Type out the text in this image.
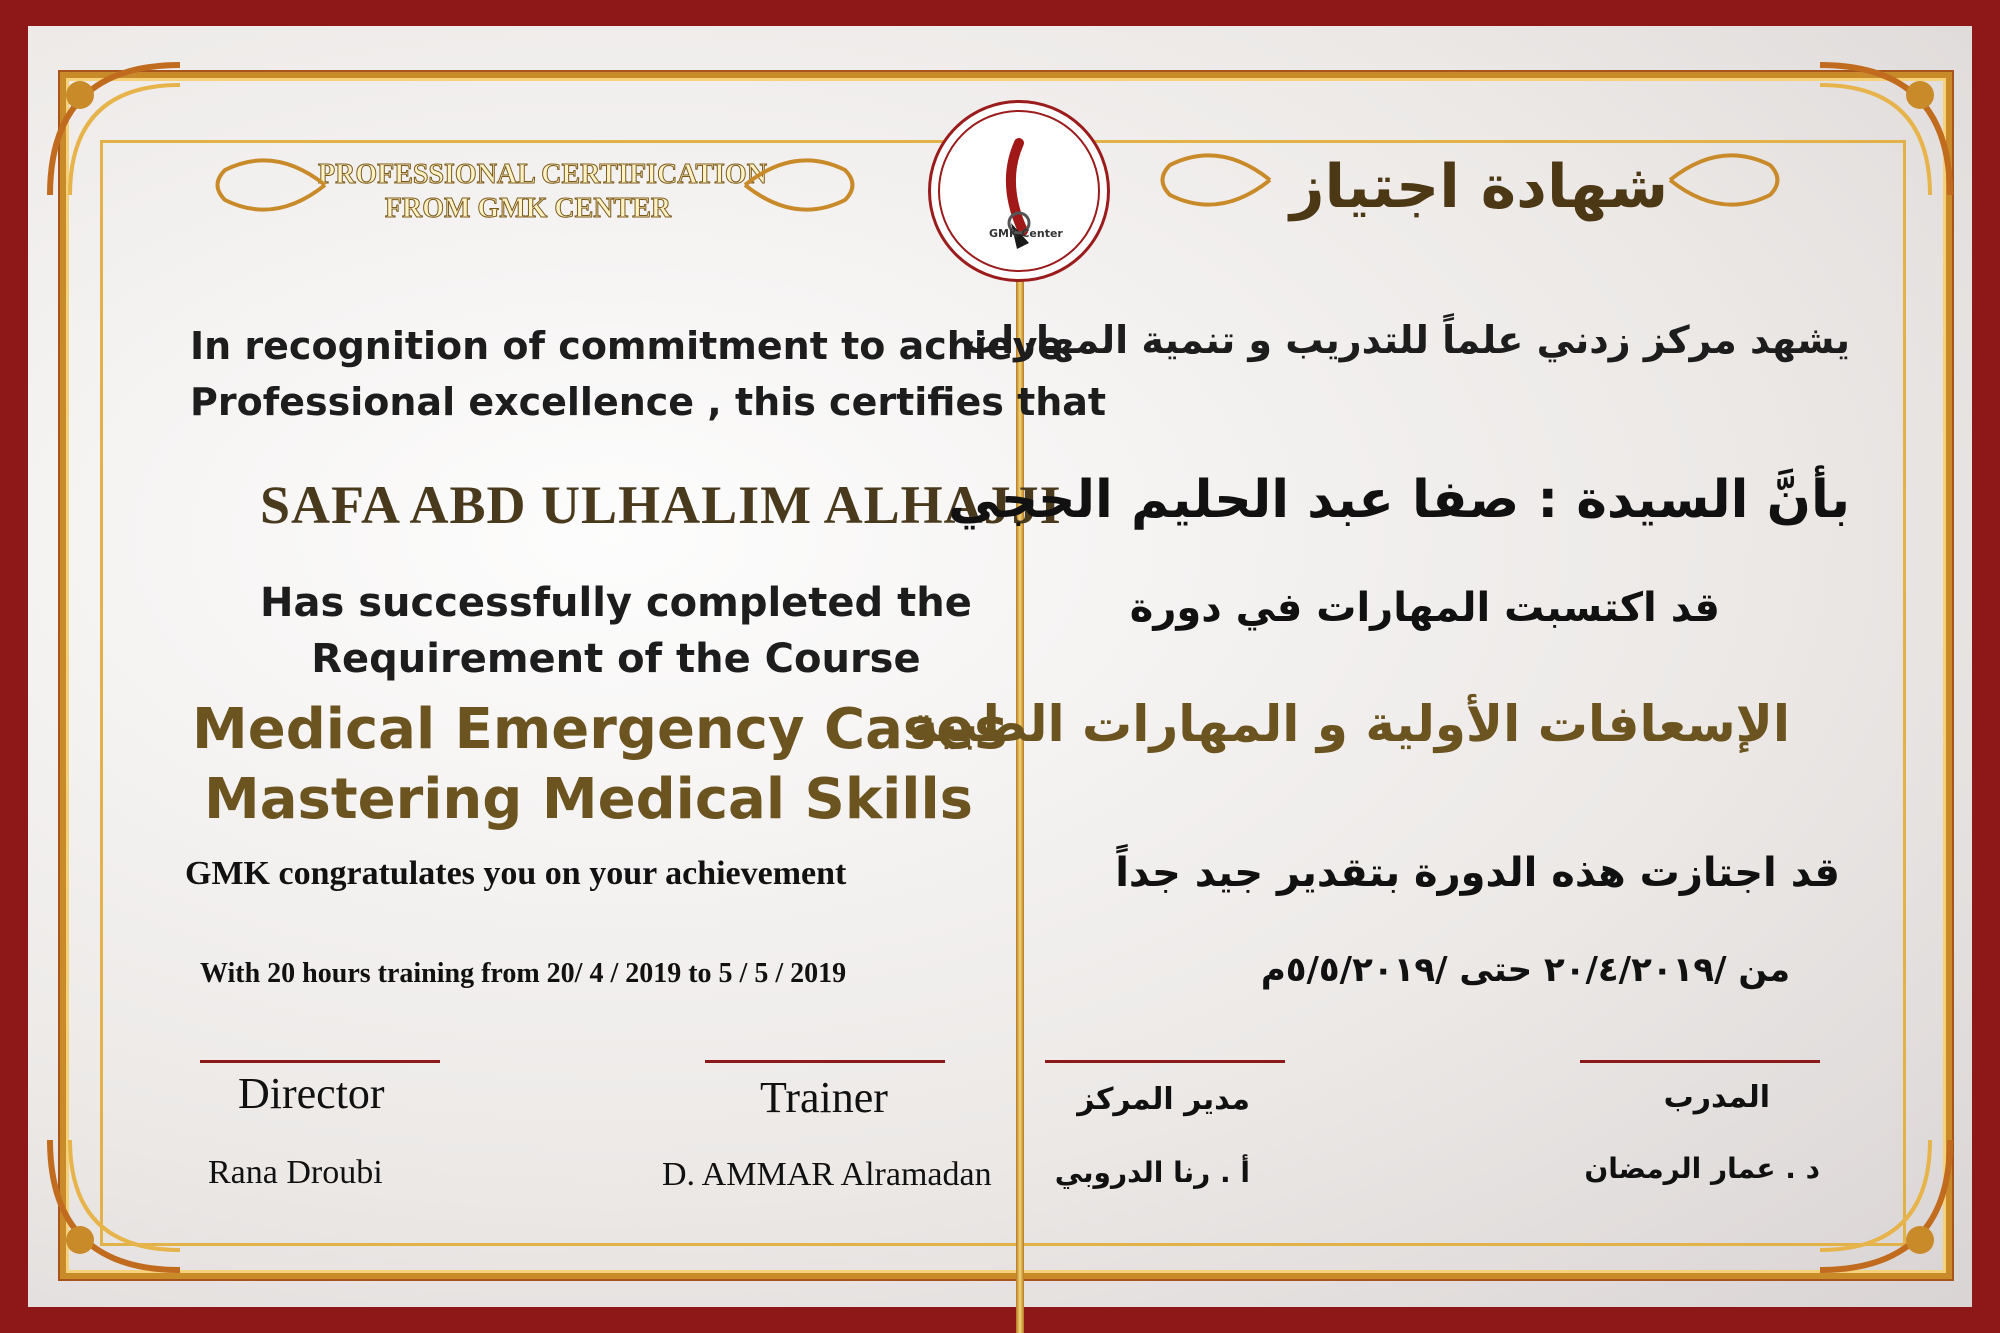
GMK Center
PROFESSIONAL CERTIFICATION
FROM GMK CENTER
In recognition of commitment to achieve
Professional excellence , this certifies that
SAFA ABD ULHALIM ALHAJJI
Has successfully completed the
Requirement of the Course
Medical Emergency Cases
Mastering Medical Skills
GMK congratulates you on your achievement
With 20 hours training from 20/ 4 / 2019 to 5 / 5 / 2019
Director
Rana Droubi
Trainer
D. AMMAR Alramadan
شهادة اجتياز
يشهد مركز زدني علماً للتدريب و تنمية المهارات
بأنَّ السيدة : صفا عبد الحليم الحجي
قد اكتسبت المهارات في دورة
الإسعافات الأولية و المهارات الطبية
قد اجتازت هذه الدورة بتقدير جيد جداً
من /٢٠/٤/٢٠١٩ حتى /٥/٥/٢٠١٩م
مدير المركز
أ . رنا الدروبي
المدرب
د . عمار الرمضان
